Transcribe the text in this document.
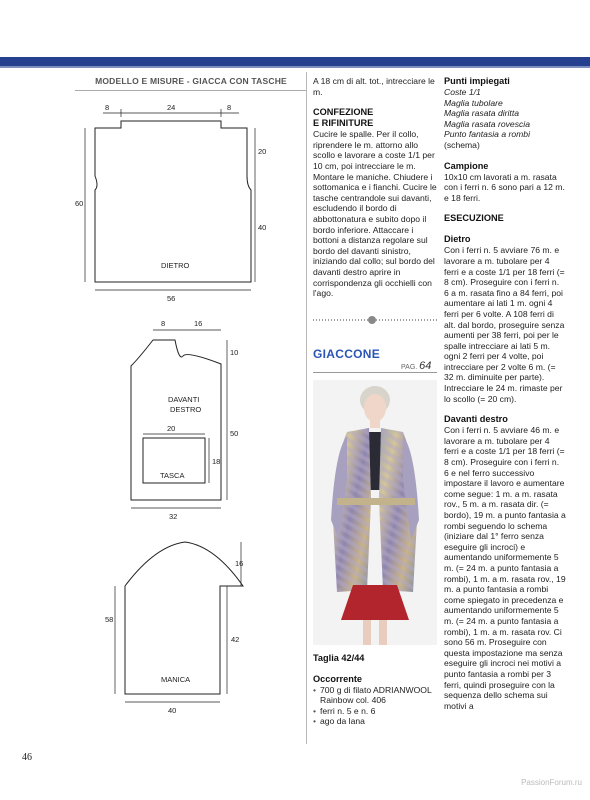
MODELLO E MISURE - GIACCA CON TASCHE
8	24	8
20
40
60
DIETRO
56
8	16
10
50
DAVANTI
DESTRO
20
18
TASCA
32
16
58
42
MANICA
40

A 18 cm di alt. tot., intrecciare le m.

CONFEZIONE

E RIFINITURE

Cucire le spalle. Per il collo, riprendere le m. attorno allo scollo e lavorare a coste 1/1 per 10 cm, poi intrecciare le m. Montare le maniche. Chiudere i sottomanica e i fianchi. Cucire le tasche centrandole sui davanti, escludendo il bordo di abbottonatura e subito dopo il bordo inferiore. Attaccare i bottoni a distanza regolare sul bordo del davanti sinistro, iniziando dal collo; sul bordo del davanti destro aprire in corrispondenza gli occhielli con l'ago.

GIACCONE
PAG. 64

Taglia 42/44

Occorrente

• 700 g di filato ADRIANWOOL Rainbow col. 406
• ferri n. 5 e n. 6
• ago da lana

Punti impiegati

Coste 1/1

Maglia tubolare

Maglia rasata diritta

Maglia rasata rovescia

Punto fantasia a rombi

(schema)

Campione

10x10 cm lavorati a m. rasata con i ferri n. 6 sono pari a 12 m. e 18 ferri.

ESECUZIONE

Dietro

Con i ferri n. 5 avviare 76 m. e lavorare a m. tubolare per 4 ferri e a coste 1/1 per 18 ferri (= 8 cm). Proseguire con i ferri n. 6 a m. rasata fino a 84 ferri, poi aumentare ai lati 1 m. ogni 4 ferri per 6 volte. A 108 ferri di alt. dal bordo, proseguire senza aumenti per 38 ferri, poi per le spalle intrecciare ai lati 5 m. ogni 2 ferri per 4 volte, poi intrecciare per 2 volte 6 m. (= 32 m. diminuite per parte). Intrecciare le 24 m. rimaste per lo scollo (= 20 cm).

Davanti destro

Con i ferri n. 5 avviare 46 m. e lavorare a m. tubolare per 4 ferri e a coste 1/1 per 18 ferri (= 8 cm). Proseguire con i ferri n. 6 e nel ferro successivo impostare il lavoro e aumentare come segue: 1 m. a m. rasata rov., 5 m. a m. rasata dir. (= bordo), 19 m. a punto fantasia a rombi seguendo lo schema (iniziare dal 1° ferro senza eseguire gli incroci) e aumentando uniformemente 5 m. (= 24 m. a punto fantasia a rombi), 1 m. a m. rasata rov., 19 m. a punto fantasia a rombi come spiegato in precedenza e aumentando uniformemente 5 m. (= 24 m. a punto fantasia a rombi), 1 m. a m. rasata rov. Ci sono 56 m. Proseguire con questa impostazione ma senza eseguire gli incroci nei motivi a punto fantasia a rombi per 3 ferri, quindi proseguire con la sequenza dello schema sui motivi a

46
PassionForum.ru
